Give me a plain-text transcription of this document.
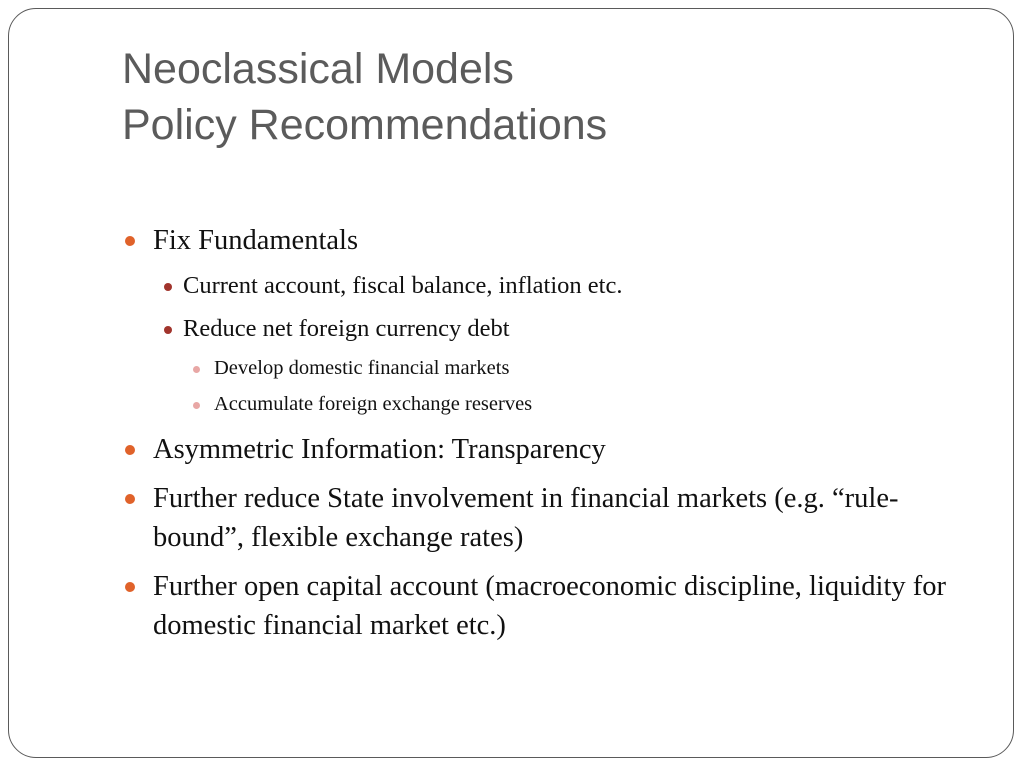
Neoclassical Models
Policy Recommendations
Fix Fundamentals
Current account, fiscal balance, inflation etc.
Reduce net foreign currency debt
Develop domestic financial markets
Accumulate foreign exchange reserves
Asymmetric Information: Transparency
Further reduce State involvement in financial markets (e.g. “rule-bound”, flexible exchange rates)
Further open capital account (macroeconomic discipline, liquidity for domestic financial market etc.)
